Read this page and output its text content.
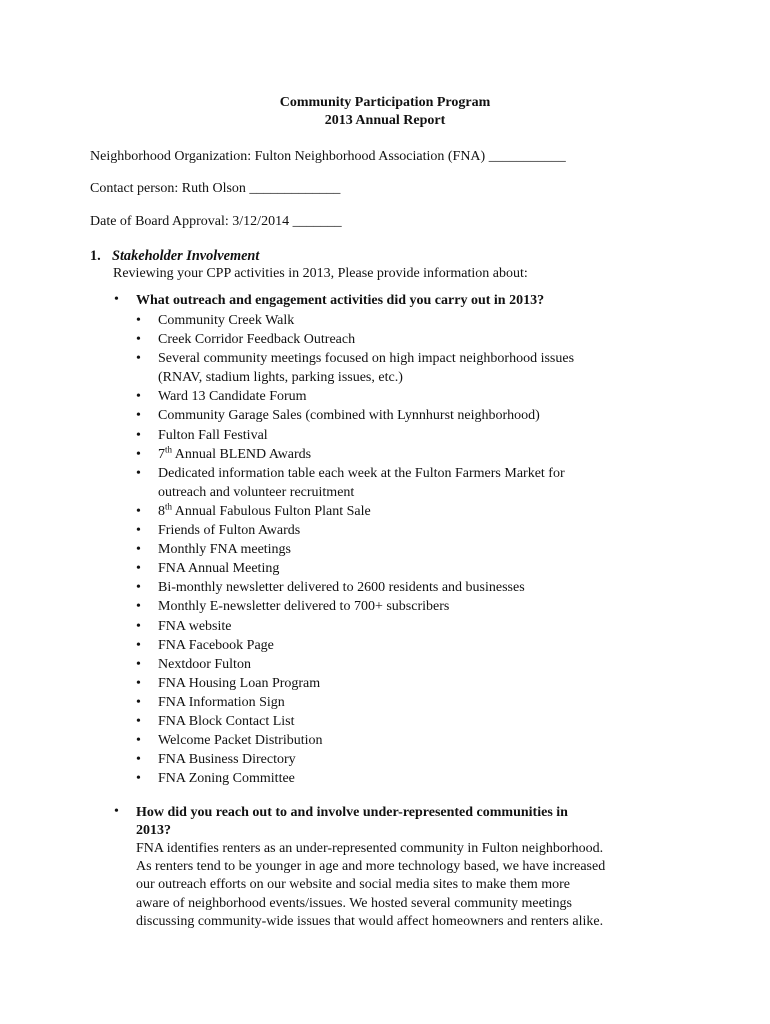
Community Participation Program
2013 Annual Report
Neighborhood Organization: Fulton Neighborhood Association (FNA) ___________
Contact person: Ruth Olson _____________
Date of Board Approval: 3/12/2014 _______
1. Stakeholder Involvement
Reviewing your CPP activities in 2013, Please provide information about:
• What outreach and engagement activities did you carry out in 2013?
• Community Creek Walk
• Creek Corridor Feedback Outreach
• Several community meetings focused on high impact neighborhood issues
(RNAV, stadium lights, parking issues, etc.)
• Ward 13 Candidate Forum
• Community Garage Sales (combined with Lynnhurst neighborhood)
• Fulton Fall Festival
• 7th Annual BLEND Awards
• Dedicated information table each week at the Fulton Farmers Market for
outreach and volunteer recruitment
• 8th Annual Fabulous Fulton Plant Sale
• Friends of Fulton Awards
• Monthly FNA meetings
• FNA Annual Meeting
• Bi-monthly newsletter delivered to 2600 residents and businesses
• Monthly E-newsletter delivered to 700+ subscribers
• FNA website
• FNA Facebook Page
• Nextdoor Fulton
• FNA Housing Loan Program
• FNA Information Sign
• FNA Block Contact List
• Welcome Packet Distribution
• FNA Business Directory
• FNA Zoning Committee
• How did you reach out to and involve under-represented communities in
2013?
FNA identifies renters as an under-represented community in Fulton neighborhood.
As renters tend to be younger in age and more technology based, we have increased
our outreach efforts on our website and social media sites to make them more
aware of neighborhood events/issues. We hosted several community meetings
discussing community-wide issues that would affect homeowners and renters alike.
